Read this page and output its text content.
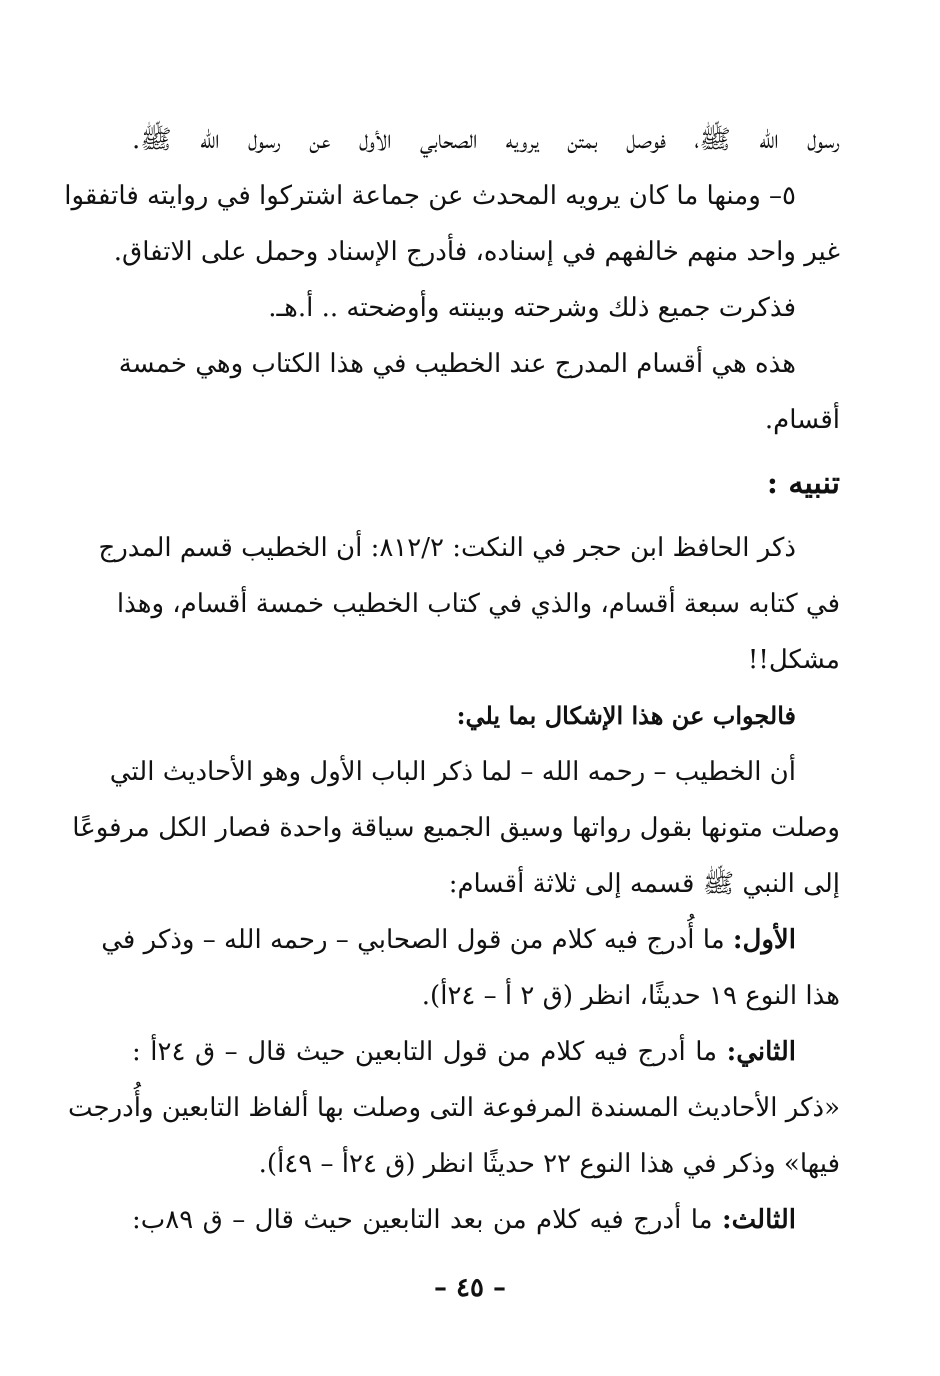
رسول الله ﷺ، فوصل بمتن يرويه الصحابي الأول عن رسول الله ﷺ.
٥– ومنها ما كان يرويه المحدث عن جماعة اشتركوا في روايته فاتفقوا
غير واحد منهم خالفهم في إسناده، فأدرج الإسناد وحمل على الاتفاق.
فذكرت جميع ذلك وشرحته وبينته وأوضحته .. أ.هـ.
هذه هي أقسام المدرج عند الخطيب في هذا الكتاب وهي خمسة
أقسام.
تنبيه :
ذكر الحافظ ابن حجر في النكت: ٨١٢/٢: أن الخطيب قسم المدرج
في كتابه سبعة أقسام، والذي في كتاب الخطيب خمسة أقسام، وهذا
مشكل!!
فالجواب عن هذا الإشكال بما يلي:
أن الخطيب – رحمه الله – لما ذكر الباب الأول وهو الأحاديث التي
وصلت متونها بقول رواتها وسيق الجميع سياقة واحدة فصار الكل مرفوعًا
إلى النبي ﷺ قسمه إلى ثلاثة أقسام:
الأول: ما أُدرج فيه كلام من قول الصحابي – رحمه الله – وذكر في
هذا النوع ١٩ حديثًا، انظر (ق ٢ أ – ٢٤أ).
الثاني: ما أدرج فيه كلام من قول التابعين حيث قال – ق ٢٤أ :
«ذكر الأحاديث المسندة المرفوعة التى وصلت بها ألفاظ التابعين وأُدرجت
فيها» وذكر في هذا النوع ٢٢ حديثًا انظر (ق ٢٤أ – ٤٩أ).
الثالث: ما أدرج فيه كلام من بعد التابعين حيث قال – ق ٨٩ب:
– ٤٥ –
